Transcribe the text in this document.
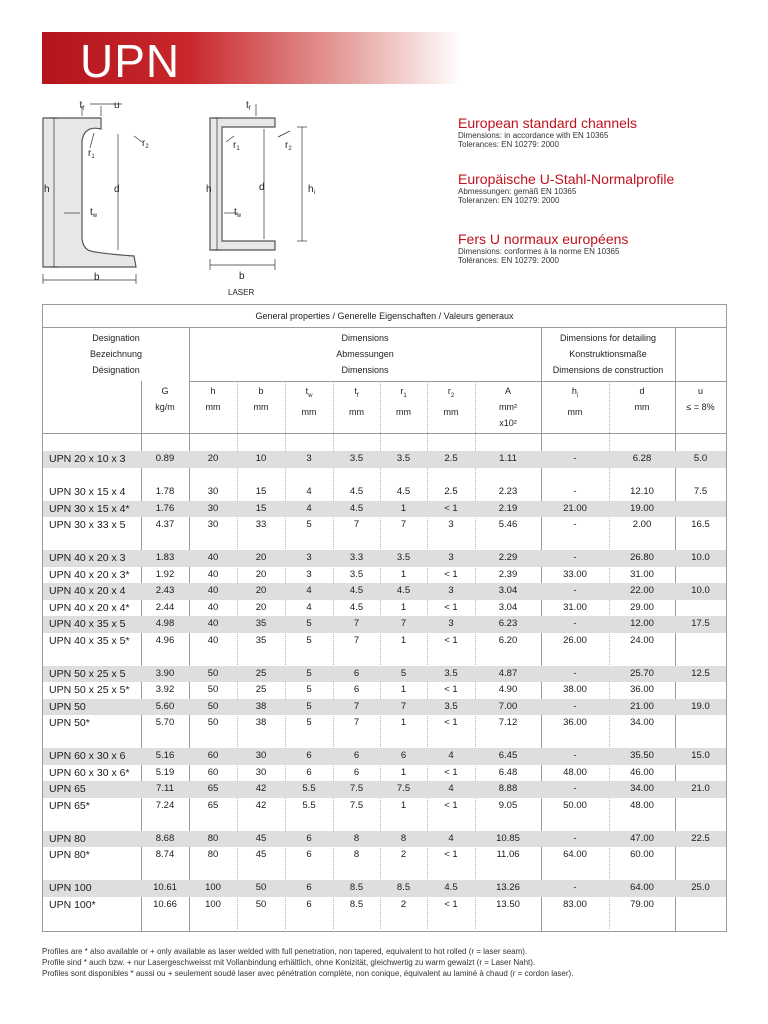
UPN
$t_f$	u
$r_1$
$r_2$
h	d
$t_w$
b
$t_f$
$r_1$	$r_2$
h	d	$h_i$
$t_w$
b
LASER
European standard channels
Dimensions: in accordance with EN 10365
Tolerances: EN 10279: 2000
Europäische U-Stahl-Normalprofile
Abmessungen: gemäß EN 10365
Toleranzen: EN 10279: 2000
Fers U normaux européens
Dimensions: conformes à la norme EN 10365
Tolérances: EN 10279: 2000
General properties / Generelle Eigenschaften / Valeurs generaux
Designation
Bezeichnung
Désignation
Dimensions
Abmessungen
Dimensions
Dimensions for detailing
Konstruktionsmaße
Dimensions de construction
G
kg/m
h
mm
b
mm
$t_w$
mm
$t_f$
mm
$r_1$
mm
$r_2$
mm
A
mm²
x10²
$h_i$
mm
d
mm
u
≤ = 8%
UPN 20 x 10 x 3	0.89	20	10	3	3.5	3.5	2.5	1.11	-	6.28	5.0
UPN 30 x 15 x 4	1.78	30	15	4	4.5	4.5	2.5	2.23	-	12.10	7.5
UPN 30 x 15 x 4*	1.76	30	15	4	4.5	1	< 1	2.19	21.00	19.00
UPN 30 x 33 x 5	4.37	30	33	5	7	7	3	5.46	-	2.00	16.5
UPN 40 x 20 x 3	1.83	40	20	3	3.3	3.5	3	2.29	-	26.80	10.0
UPN 40 x 20 x 3*	1.92	40	20	3	3.5	1	< 1	2.39	33.00	31.00
UPN 40 x 20 x 4	2.43	40	20	4	4.5	4.5	3	3.04	-	22.00	10.0
UPN 40 x 20 x 4*	2.44	40	20	4	4.5	1	< 1	3.04	31.00	29.00
UPN 40 x 35 x 5	4.98	40	35	5	7	7	3	6.23	-	12.00	17.5
UPN 40 x 35 x 5*	4.96	40	35	5	7	1	< 1	6.20	26.00	24.00
UPN 50 x 25 x 5	3.90	50	25	5	6	5	3.5	4.87	-	25.70	12.5
UPN 50 x 25 x 5*	3.92	50	25	5	6	1	< 1	4.90	38.00	36.00
UPN 50	5.60	50	38	5	7	7	3.5	7.00	-	21.00	19.0
UPN 50*	5.70	50	38	5	7	1	< 1	7.12	36.00	34.00
UPN 60 x 30 x 6	5.16	60	30	6	6	6	4	6.45	-	35.50	15.0
UPN 60 x 30 x 6*	5.19	60	30	6	6	1	< 1	6.48	48.00	46.00
UPN 65	7.11	65	42	5.5	7.5	7.5	4	8.88	-	34.00	21.0
UPN 65*	7.24	65	42	5.5	7.5	1	< 1	9.05	50.00	48.00
UPN 80	8.68	80	45	6	8	8	4	10.85	-	47.00	22.5
UPN 80*	8.74	80	45	6	8	2	< 1	11.06	64.00	60.00
UPN 100	10.61	100	50	6	8.5	8.5	4.5	13.26	-	64.00	25.0
UPN 100*	10.66	100	50	6	8.5	2	< 1	13.50	83.00	79.00
Profiles are * also available or + only available as laser welded with full penetration, non tapered, equivalent to hot rolled (r = laser seam).
Profile sind * auch bzw. + nur Lasergeschweisst mit Vollanbindung erhältlich, ohne Konizität, gleichwertig zu warm gewalzt (r = Laser Naht).
Profiles sont disponibles * aussi ou + seulement soudé laser avec pénétration complète, non conique, équivalent au laminé à chaud (r = cordon laser).
